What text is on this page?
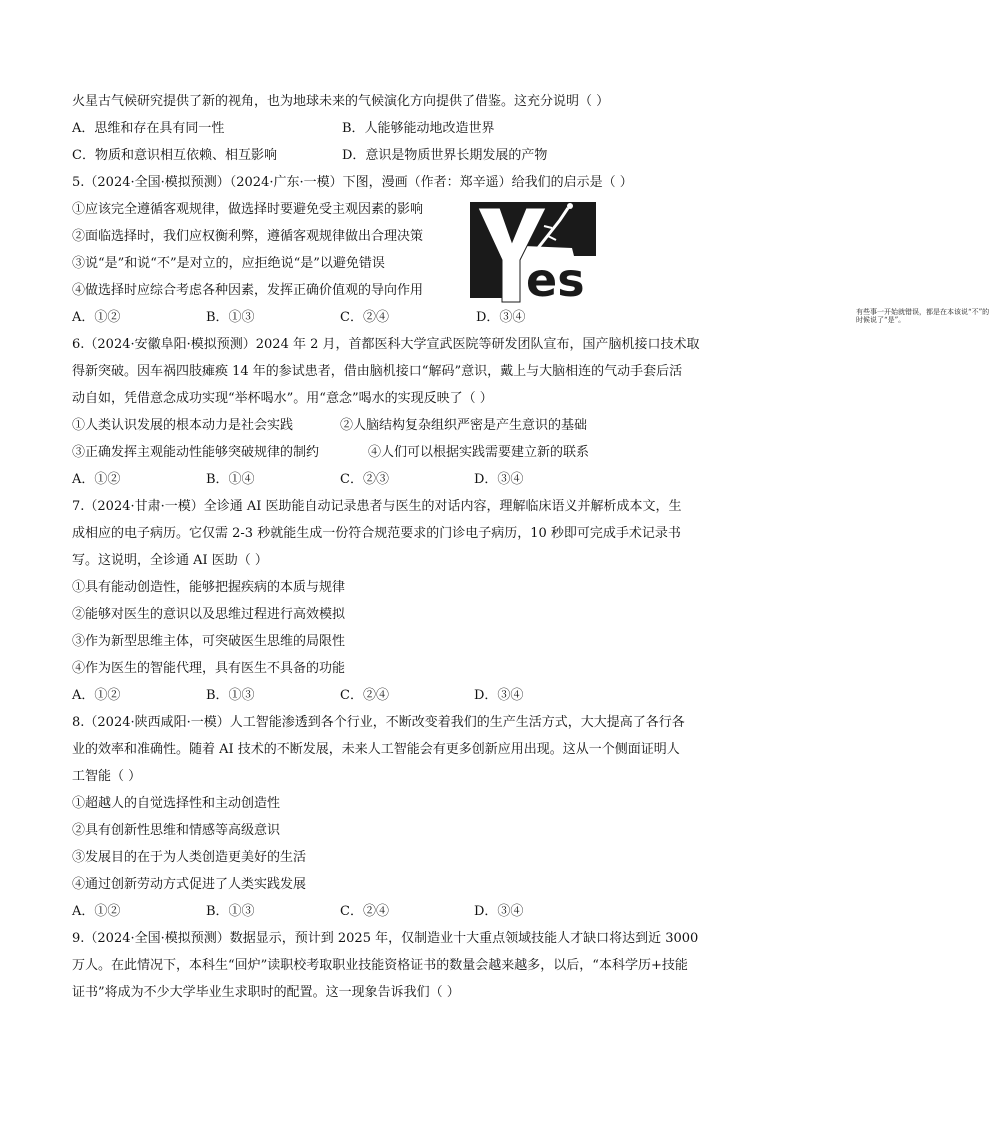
火星古气候研究提供了新的视角，也为地球未来的气候演化方向提供了借鉴。这充分说明（ ）
A．思维和存在具有同一性	B．人能够能动地改造世界
C．物质和意识相互依赖、相互影响	D．意识是物质世界长期发展的产物
5.（2024·全国·模拟预测）（2024·广东·一模）下图，漫画（作者：郑辛遥）给我们的启示是（ ）
①应该完全遵循客观规律，做选择时要避免受主观因素的影响
②面临选择时，我们应权衡利弊，遵循客观规律做出合理决策
③说“是”和说“不”是对立的，应拒绝说“是”以避免错误
④做选择时应综合考虑各种因素，发挥正确价值观的导向作用
A．①②	B．①③	C．②④
es
有些事一开始就错误，都是在本该说“不”的时候说了“是”。
D．③④
6.（2024·安徽阜阳·模拟预测）2024 年 2 月，首都医科大学宣武医院等研发团队宣布，国产脑机接口技术取
得新突破。因车祸四肢瘫痪 14 年的参试患者，借由脑机接口“解码”意识，戴上与大脑相连的气动手套后活
动自如，凭借意念成功实现“举杯喝水”。用“意念”喝水的实现反映了（ ）
①人类认识发展的根本动力是社会实践	②人脑结构复杂组织严密是产生意识的基础
③正确发挥主观能动性能够突破规律的制约	④人们可以根据实践需要建立新的联系
A．①②	B．①④	C．②③	D．③④
7.（2024·甘肃·一模）全诊通 AI 医助能自动记录患者与医生的对话内容，理解临床语义并解析成本文，生
成相应的电子病历。它仅需 2-3 秒就能生成一份符合规范要求的门诊电子病历，10 秒即可完成手术记录书
写。这说明，全诊通 AI 医助（ ）
①具有能动创造性，能够把握疾病的本质与规律
②能够对医生的意识以及思维过程进行高效模拟
③作为新型思维主体，可突破医生思维的局限性
④作为医生的智能代理，具有医生不具备的功能
A．①②	B．①③	C．②④	D．③④
8.（2024·陕西咸阳·一模）人工智能渗透到各个行业，不断改变着我们的生产生活方式，大大提高了各行各
业的效率和准确性。随着 AI 技术的不断发展，未来人工智能会有更多创新应用出现。这从一个侧面证明人
工智能（ ）
①超越人的自觉选择性和主动创造性
②具有创新性思维和情感等高级意识
③发展目的在于为人类创造更美好的生活
④通过创新劳动方式促进了人类实践发展
A．①②	B．①③	C．②④	D．③④
9.（2024·全国·模拟预测）数据显示，预计到 2025 年，仅制造业十大重点领域技能人才缺口将达到近 3000
万人。在此情况下，本科生“回炉”读职校考取职业技能资格证书的数量会越来越多，以后，“本科学历+技能
证书”将成为不少大学毕业生求职时的配置。这一现象告诉我们（ ）
